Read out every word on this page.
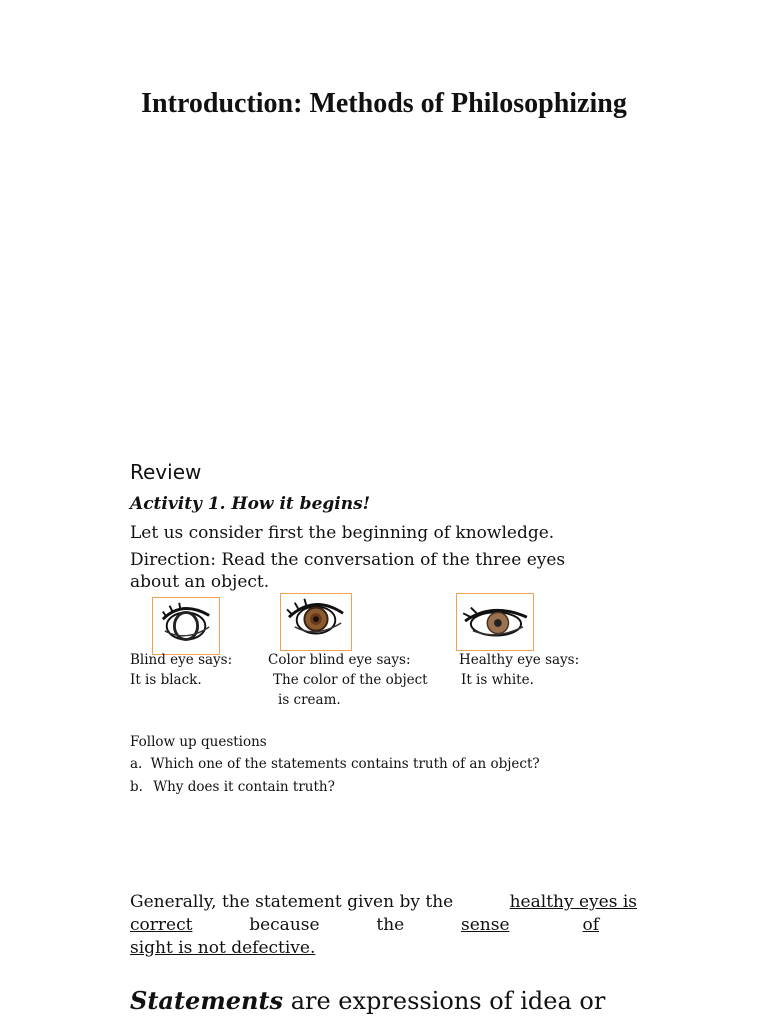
Introduction: Methods of Philosophizing
Review
Activity 1. How it begins!
Let us consider first the beginning of knowledge.
Direction: Read the conversation of the three eyes
about an object.
Blind eye says:
It is black.
Color blind eye says:
The color of the object
is cream.
Healthy eye says:
It is white.
Follow up questions
a. Which one of the statements contains truth of an object?
b. Why does it contain truth?
Generally, the statement given by the	healthy eyes is
correct	because	the	sense	of
sight is not defective.
Statements are expressions of idea or
